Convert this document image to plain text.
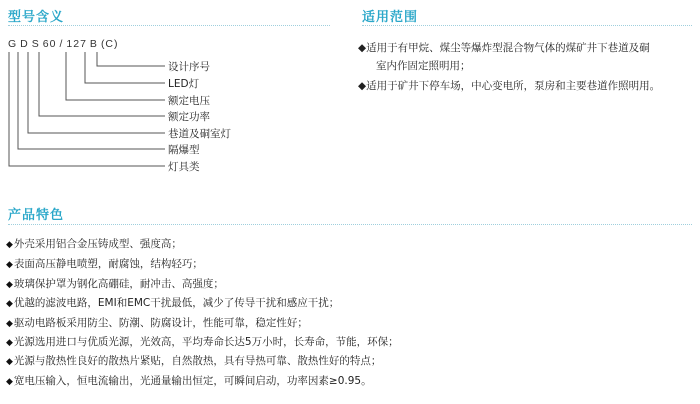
型号含义
G D S 60 / 127 B (C)
设计序号
LED灯
额定电压
额定功率
巷道及硐室灯
隔爆型
灯具类
适用范围
◆适用于有甲烷、煤尘等爆炸型混合物气体的煤矿井下巷道及硐
室内作固定照明用；
◆适用于矿井下停车场，中心变电所，泵房和主要巷道作照明用。
产品特色
◆外壳采用铝合金压铸成型、强度高；
◆表面高压静电喷塑，耐腐蚀，结构轻巧；
◆玻璃保护罩为钢化高硼硅，耐冲击、高强度；
◆优越的滤波电路，EMI和EMC干扰最低，减少了传导干扰和感应干扰；
◆驱动电路板采用防尘、防潮、防腐设计，性能可靠，稳定性好；
◆光源选用进口与优质光源，光效高，平均寿命长达5万小时，长寿命，节能，环保；
◆光源与散热性良好的散热片紧贴，自然散热，具有导热可靠、散热性好的特点；
◆宽电压输入，恒电流输出，光通量输出恒定，可瞬间启动，功率因素≥0.95。
